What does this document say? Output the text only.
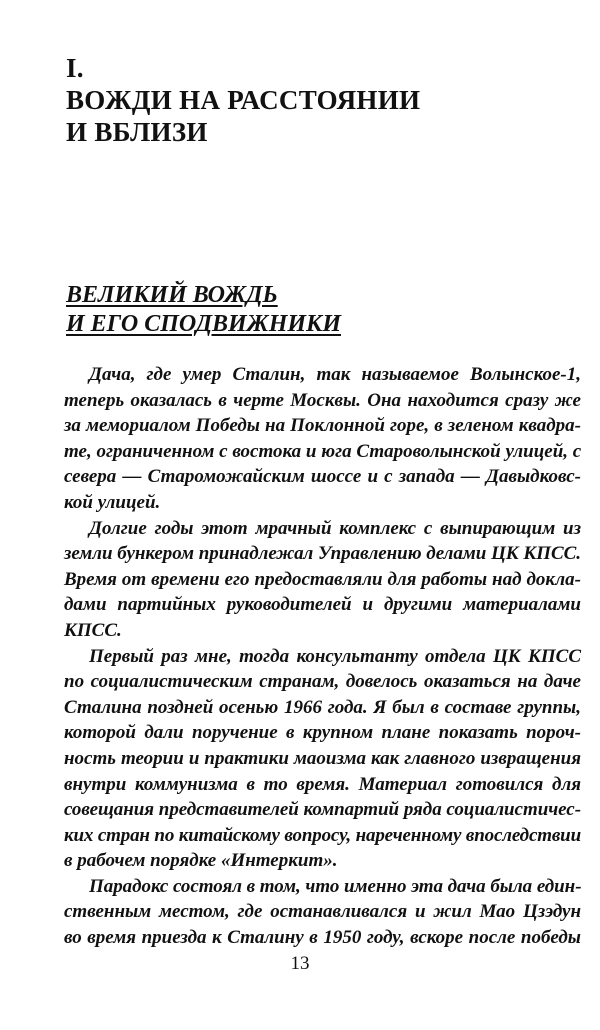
I.
ВОЖДИ НА РАССТОЯНИИ
И ВБЛИЗИ
ВЕЛИКИЙ ВОЖДЬ
И ЕГО СПОДВИЖНИКИ
Дача, где умер Сталин, так называемое Волынское-1,
теперь оказалась в черте Москвы. Она находится сразу же
за мемориалом Победы на Поклонной горе, в зеленом квадра-
те, ограниченном с востока и юга Староволынской улицей, с
севера — Староможайским шоссе и с запада — Давыдковс-
кой улицей.
Долгие годы этот мрачный комплекс с выпирающим из
земли бункером принадлежал Управлению делами ЦК КПСС.
Время от времени его предоставляли для работы над докла-
дами партийных руководителей и другими материалами
КПСС.
Первый раз мне, тогда консультанту отдела ЦК КПСС
по социалистическим странам, довелось оказаться на даче
Сталина поздней осенью 1966 года. Я был в составе группы,
которой дали поручение в крупном плане показать пороч-
ность теории и практики маоизма как главного извращения
внутри коммунизма в то время. Материал готовился для
совещания представителей компартий ряда социалистичес-
ких стран по китайскому вопросу, нареченному впоследствии
в рабочем порядке «Интеркит».
Парадокс состоял в том, что именно эта дача была един-
ственным местом, где останавливался и жил Мао Цзэдун
во время приезда к Сталину в 1950 году, вскоре после победы
13
